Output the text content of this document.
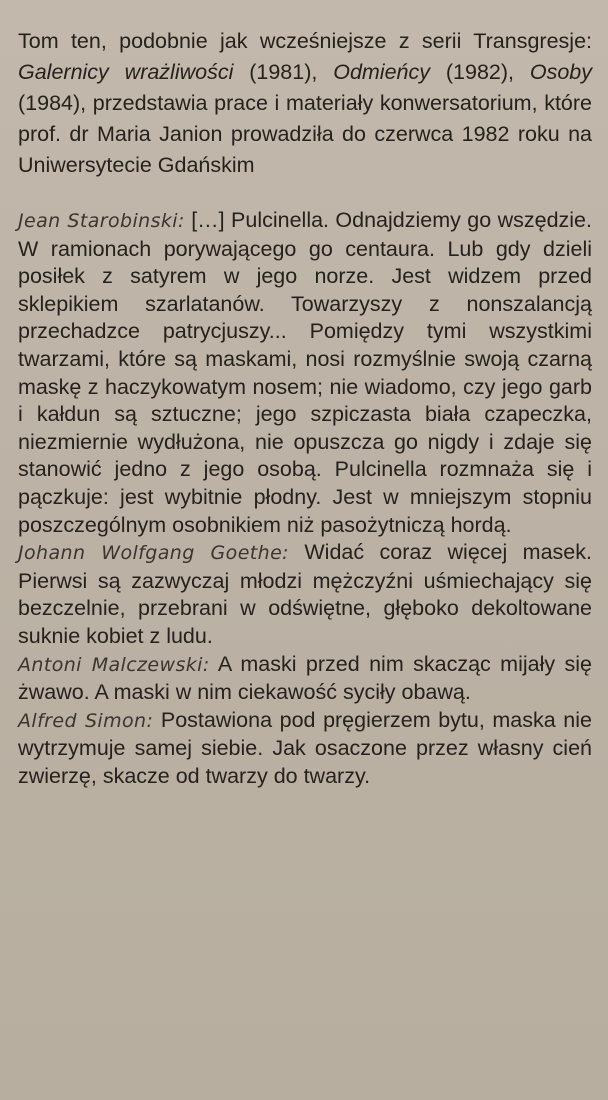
Tom ten, podobnie jak wcześniejsze z serii Transgresje: Galernicy wrażliwości (1981), Odmieńcy (1982), Osoby (1984), przedstawia prace i materiały konwersatorium, które prof. dr Maria Janion prowadziła do czerwca 1982 roku na Uniwersytecie Gdańskim

Jean Starobinski: […] Pulcinella. Odnajdziemy go wszędzie. W ramionach porywającego go centaura. Lub gdy dzieli posiłek z satyrem w jego norze. Jest widzem przed sklepikiem szarlatanów. Towarzyszy z nonszalancją przechadzce patrycjuszy... Pomiędzy tymi wszystkimi twarzami, które są maskami, nosi rozmyślnie swoją czarną maskę z haczykowatym nosem; nie wiadomo, czy jego garb i kałdun są sztuczne; jego szpiczasta biała czapeczka, niezmiernie wydłużona, nie opuszcza go nigdy i zdaje się stanowić jedno z jego osobą. Pulcinella rozmnaża się i pączkuje: jest wybitnie płodny. Jest w mniejszym stopniu poszczególnym osobnikiem niż pasożytniczą hordą.

Johann Wolfgang Goethe: Widać coraz więcej masek. Pierwsi są zazwyczaj młodzi mężczyźni uśmiechający się bezczelnie, przebrani w odświętne, głęboko dekoltowane suknie kobiet z ludu.

Antoni Malczewski: A maski przed nim skacząc mijały się żwawo. A maski w nim ciekawość syciły obawą.

Alfred Simon: Postawiona pod pręgierzem bytu, maska nie wytrzymuje samej siebie. Jak osaczone przez własny cień zwierzę, skacze od twarzy do twarzy.
